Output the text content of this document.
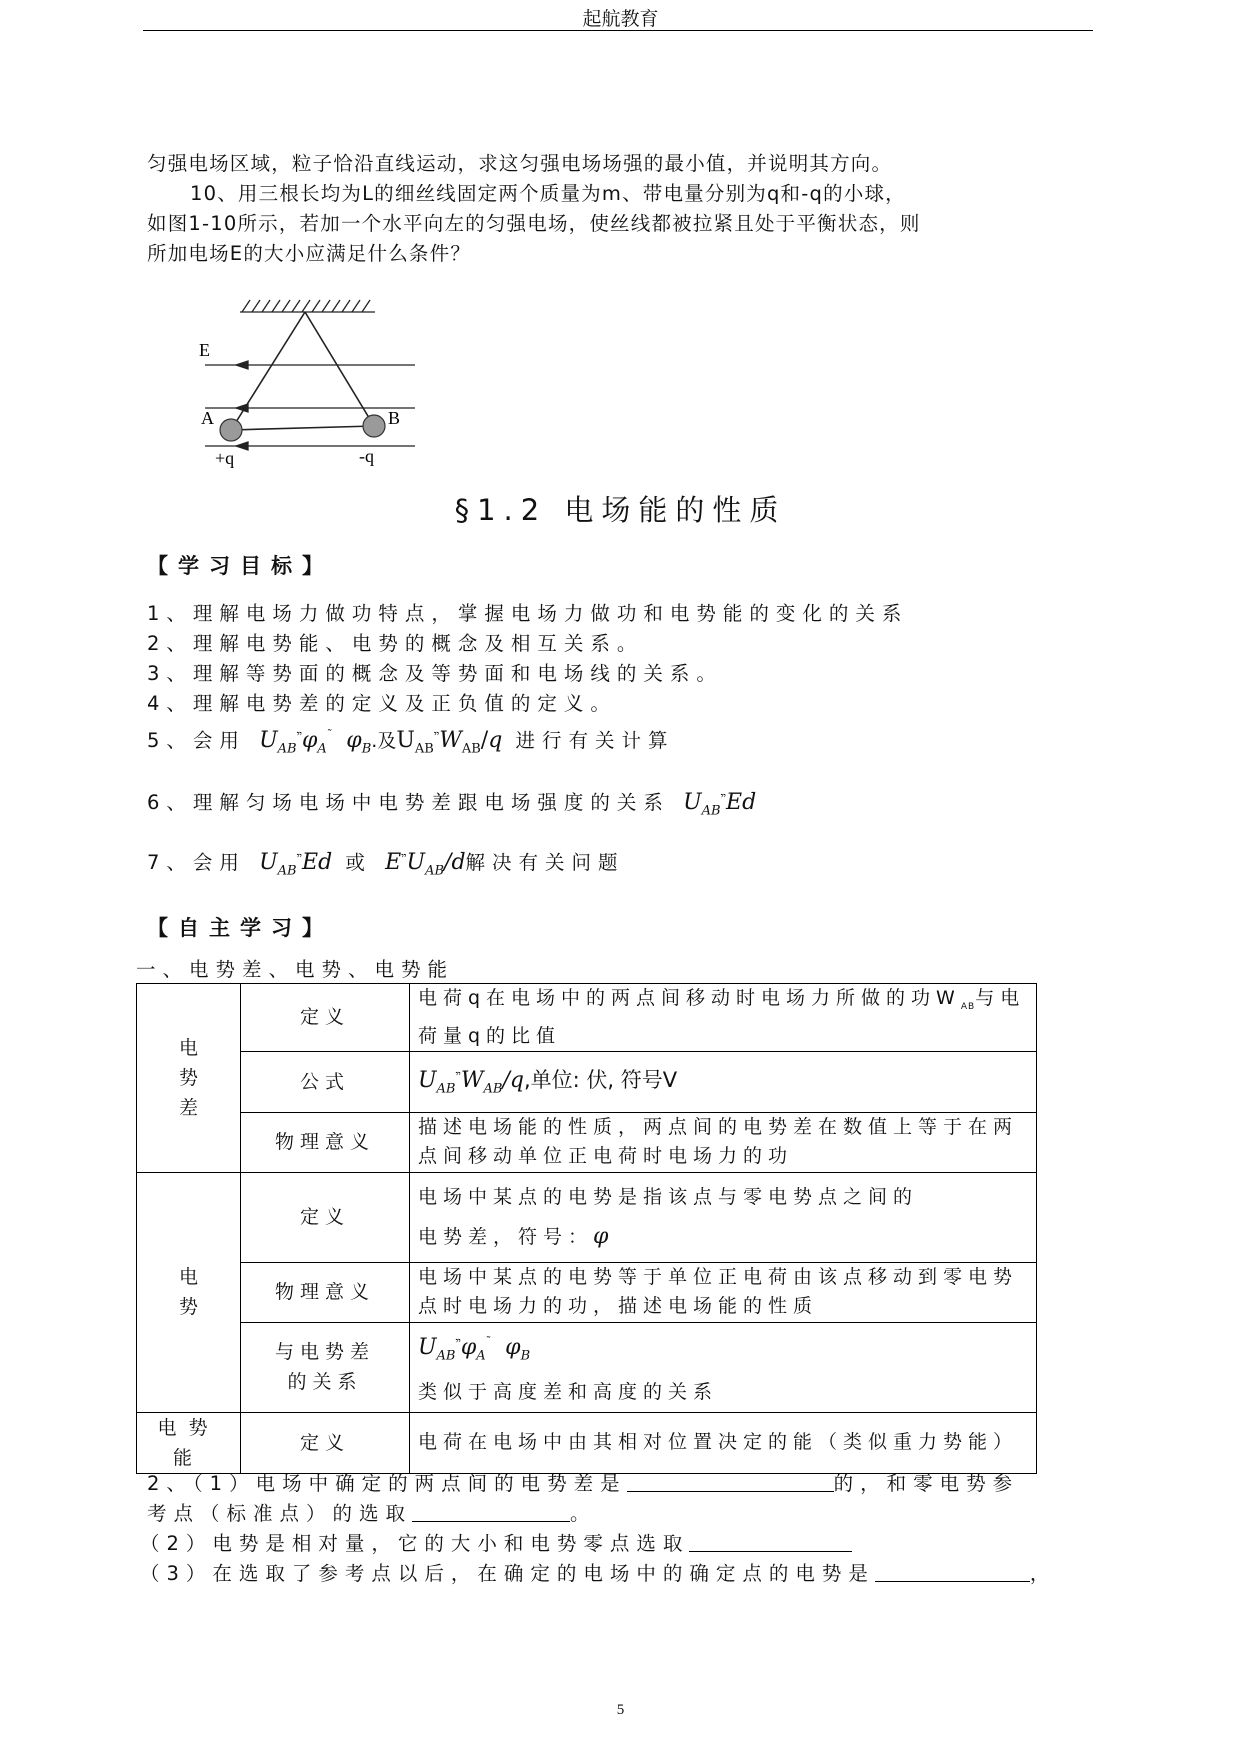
起航教育
匀强电场区域，粒子恰沿直线运动，求这匀强电场场强的最小值，并说明其方向。
10、用三根长均为L的细丝线固定两个质量为m、带电量分别为q和-q的小球，
如图1-10所示，若加一个水平向左的匀强电场，使丝线都被拉紧且处于平衡状态，则
所加电场E的大小应满足什么条件？
E
A	B
+q	-q
§1.2 电场能的性质
【学习目标】
1、理解电场力做功特点，掌握电场力做功和电势能的变化的关系
2、理解电势能、电势的概念及相互关系。
3、理解等势面的概念及等势面和电场线的关系。
4、理解电势差的定义及正负值的定义。
5、会用 $U_{AB}^ײ\varphi_A^˜$  $\varphi_B$.及$U_{AB}^ײW_{AB}/q$ 进行有关计算
6、理解匀场电场中电势差跟电场强度的关系 $U_{AB}^ײEd$
7、会用 $U_{AB}^ײEd$ 或 $E^ײU_{AB}/d$解决有关问题
【自主学习】
一、电势差、电势、电势能
电势差	定义	电荷q在电场中的两点间移动时电场力所做的功$W_{AB}$与电荷量q的比值
	公式	$U_{AB}^ײW_{AB}/q$,单位: 伏, 符号V
	物理意义	描述电场能的性质，两点间的电势差在数值上等于在两点间移动单位正电荷时电场力的功

电势	定义	电场中某点的电势是指该点与零电势点之间的
电势差，符号：φ

	物理意义	电场中某点的电势等于单位正电荷由该点移动到零电势点时电场力的功，描述电场能的性质

	与电势差的关系	$U_{AB}^ײ\varphi_A^˜$  $\varphi_B$
类似于高度差和高度的关系

电势能	定义	电荷在电场中由其相对位置决定的能（类似重力势能）
2、（1）电场中确定的两点间的电势差是	的，和零电势参
考点（标准点）的选取	。
（2）电势是相对量，它的大小和电势零点选取
（3）在选取了参考点以后，在确定的电场中的确定点的电势是	，
5
